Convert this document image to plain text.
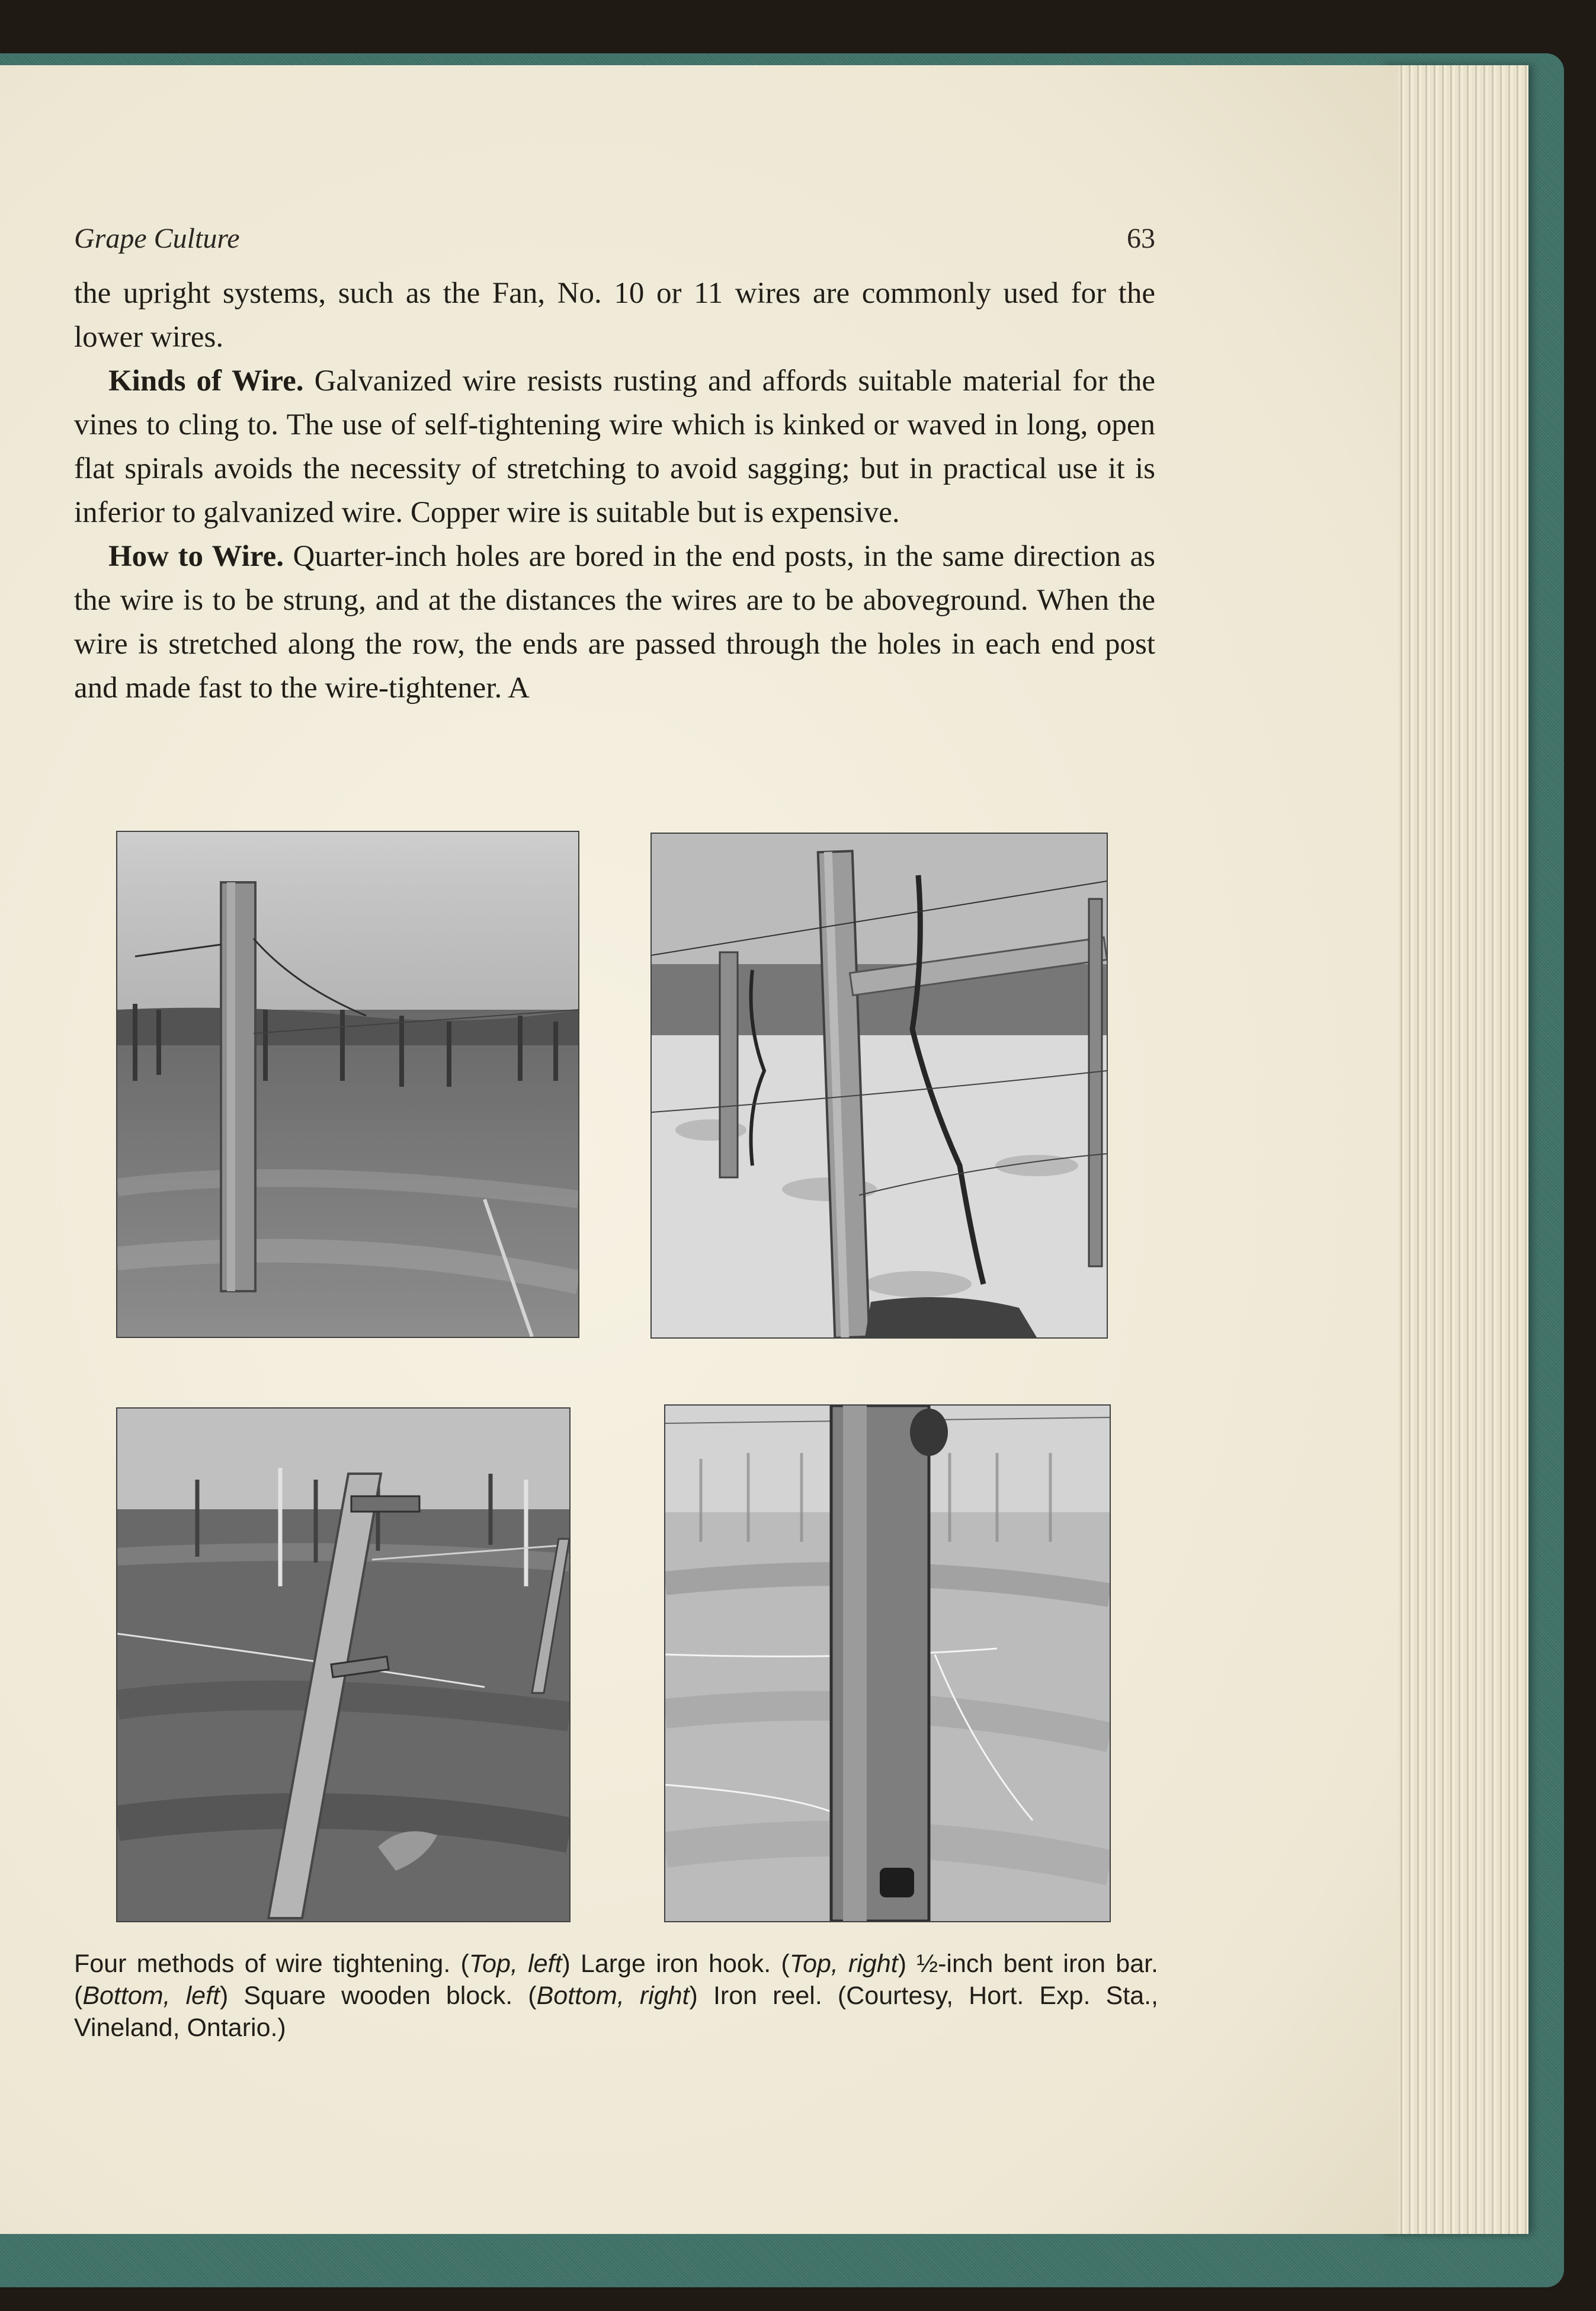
Grape Culture	63

the upright systems, such as the Fan, No. 10 or 11 wires are commonly used for the lower wires.

Kinds of Wire. Galvanized wire resists rusting and affords suitable material for the vines to cling to. The use of self-tightening wire which is kinked or waved in long, open flat spirals avoids the necessity of stretching to avoid sagging; but in practical use it is inferior to galvanized wire. Copper wire is suitable but is expensive.

How to Wire. Quarter-inch holes are bored in the end posts, in the same direction as the wire is to be strung, and at the distances the wires are to be aboveground. When the wire is stretched along the row, the ends are passed through the holes in each end post and made fast to the wire-tightener. A

Four methods of wire tightening. (Top, left) Large iron hook. (Top, right) ½-inch bent iron bar. (Bottom, left) Square wooden block. (Bottom, right) Iron reel. (Courtesy, Hort. Exp. Sta., Vineland, Ontario.)
